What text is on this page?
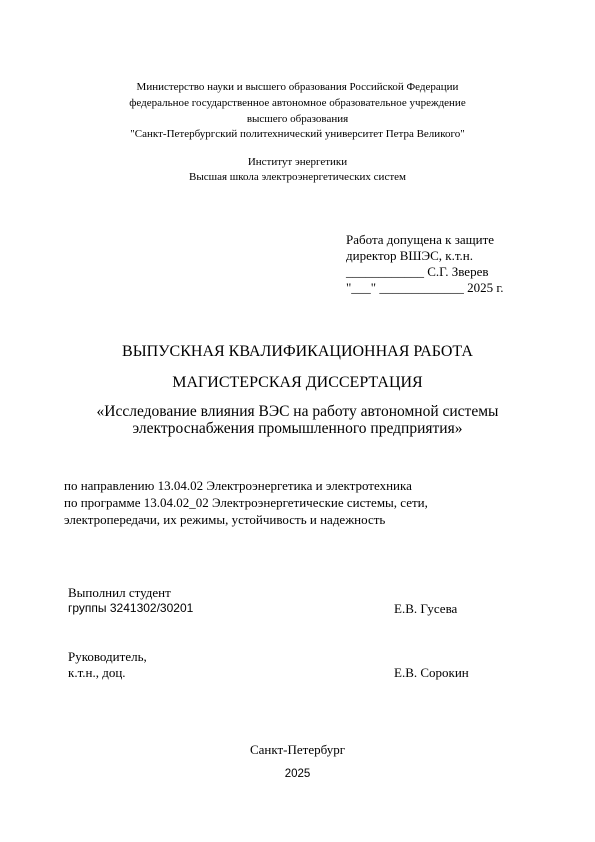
Министерство науки и высшего образования Российской Федерации
федеральное государственное автономное образовательное учреждение
высшего образования
"Санкт-Петербургский политехнический университет Петра Великого"
Институт энергетики
Высшая школа электроэнергетических систем
Работа допущена к защите
директор ВШЭС, к.т.н.
____________ С.Г. Зверев
"___" _____________ 2025 г.
ВЫПУСКНАЯ КВАЛИФИКАЦИОННАЯ РАБОТА
МАГИСТЕРСКАЯ ДИССЕРТАЦИЯ
«Исследование влияния ВЭС на работу автономной системы
электроснабжения промышленного предприятия»
по направлению 13.04.02 Электроэнергетика и электротехника
по программе 13.04.02_02 Электроэнергетические системы, сети,
электропередачи, их режимы, устойчивость и надежность
Выполнил студент
группы 3241302/30201	Е.В. Гусева
Руководитель,
к.т.н., доц.	Е.В. Сорокин
Санкт-Петербург
2025
